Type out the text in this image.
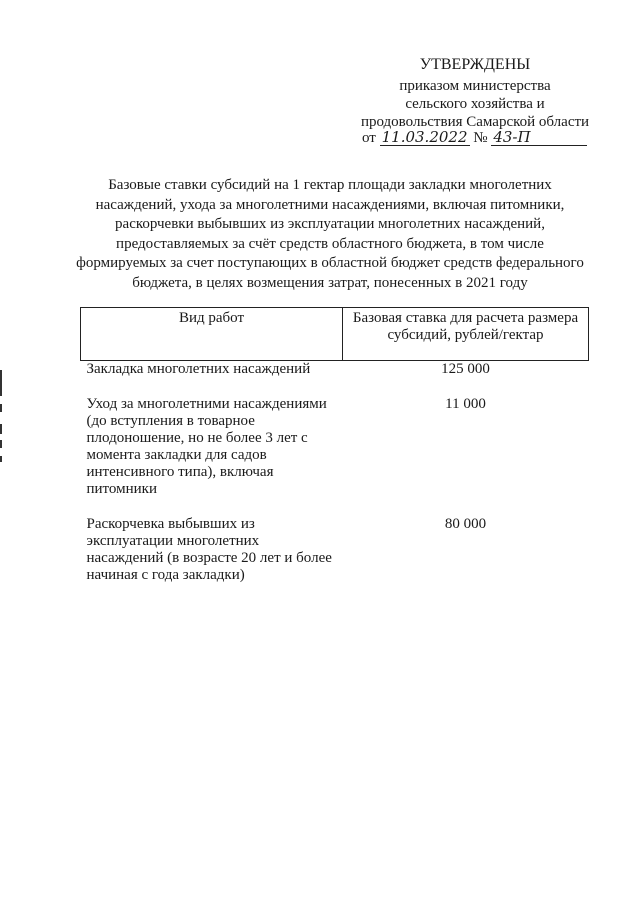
УТВЕРЖДЕНЫ
приказом министерства
сельского хозяйства и
продовольствия Самарской области
от 11.03.2022 № 43-П
Базовые ставки субсидий на 1 гектар площади закладки многолетних насаждений, ухода за многолетними насаждениями, включая питомники, раскорчевки выбывших из эксплуатации многолетних насаждений, предоставляемых за счёт средств областного бюджета, в том числе формируемых за счет поступающих в областной бюджет средств федерального бюджета, в целях возмещения затрат, понесенных в 2021 году
Вид работ	Базовая ставка для расчета размера субсидий, рублей/гектар
Закладка многолетних насаждений	125 000

Уход за многолетними насаждениями (до вступления в товарное плодоношение, но не более 3 лет с момента закладки для садов интенсивного типа), включая питомники	11 000

Раскорчевка выбывших из эксплуатации многолетних насаждений (в возрасте 20 лет и более начиная с года закладки)	80 000
